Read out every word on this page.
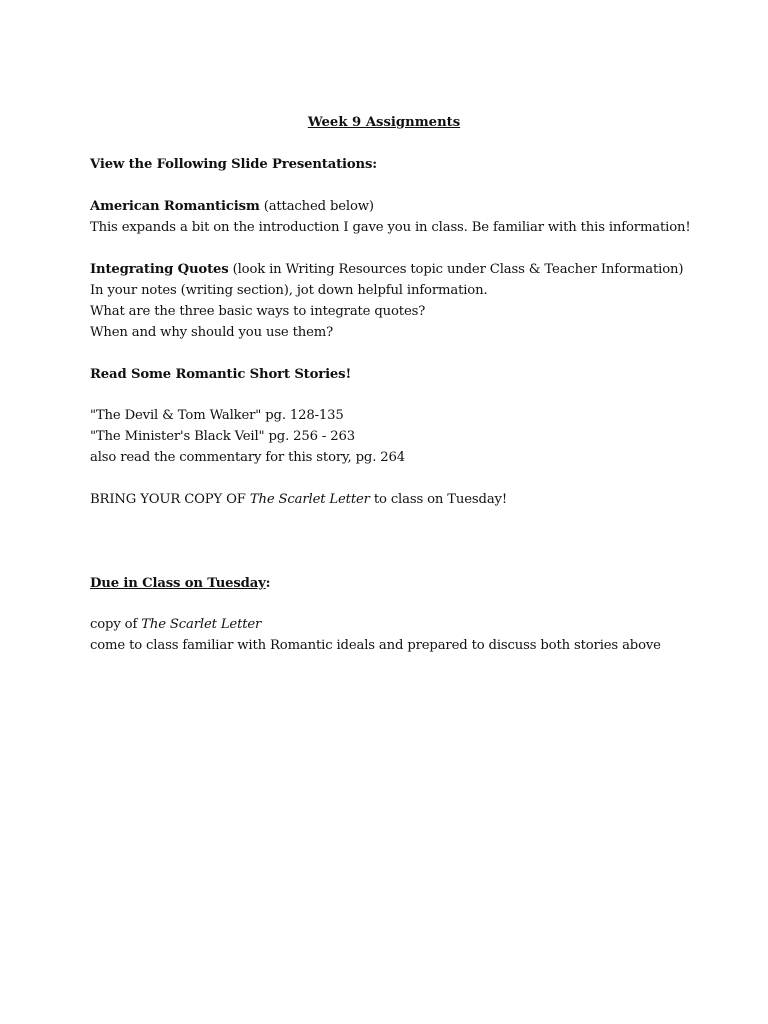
Week 9 Assignments
View the Following Slide Presentations:
American Romanticism (attached below)
This expands a bit on the introduction I gave you in class. Be familiar with this information!
Integrating Quotes (look in Writing Resources topic under Class & Teacher Information)
In your notes (writing section), jot down helpful information.
What are the three basic ways to integrate quotes?
When and why should you use them?
Read Some Romantic Short Stories!
"The Devil & Tom Walker" pg. 128-135
"The Minister's Black Veil" pg. 256 - 263
also read the commentary for this story, pg. 264
BRING YOUR COPY OF The Scarlet Letter to class on Tuesday!
Due in Class on Tuesday:
copy of The Scarlet Letter
come to class familiar with Romantic ideals and prepared to discuss both stories above
